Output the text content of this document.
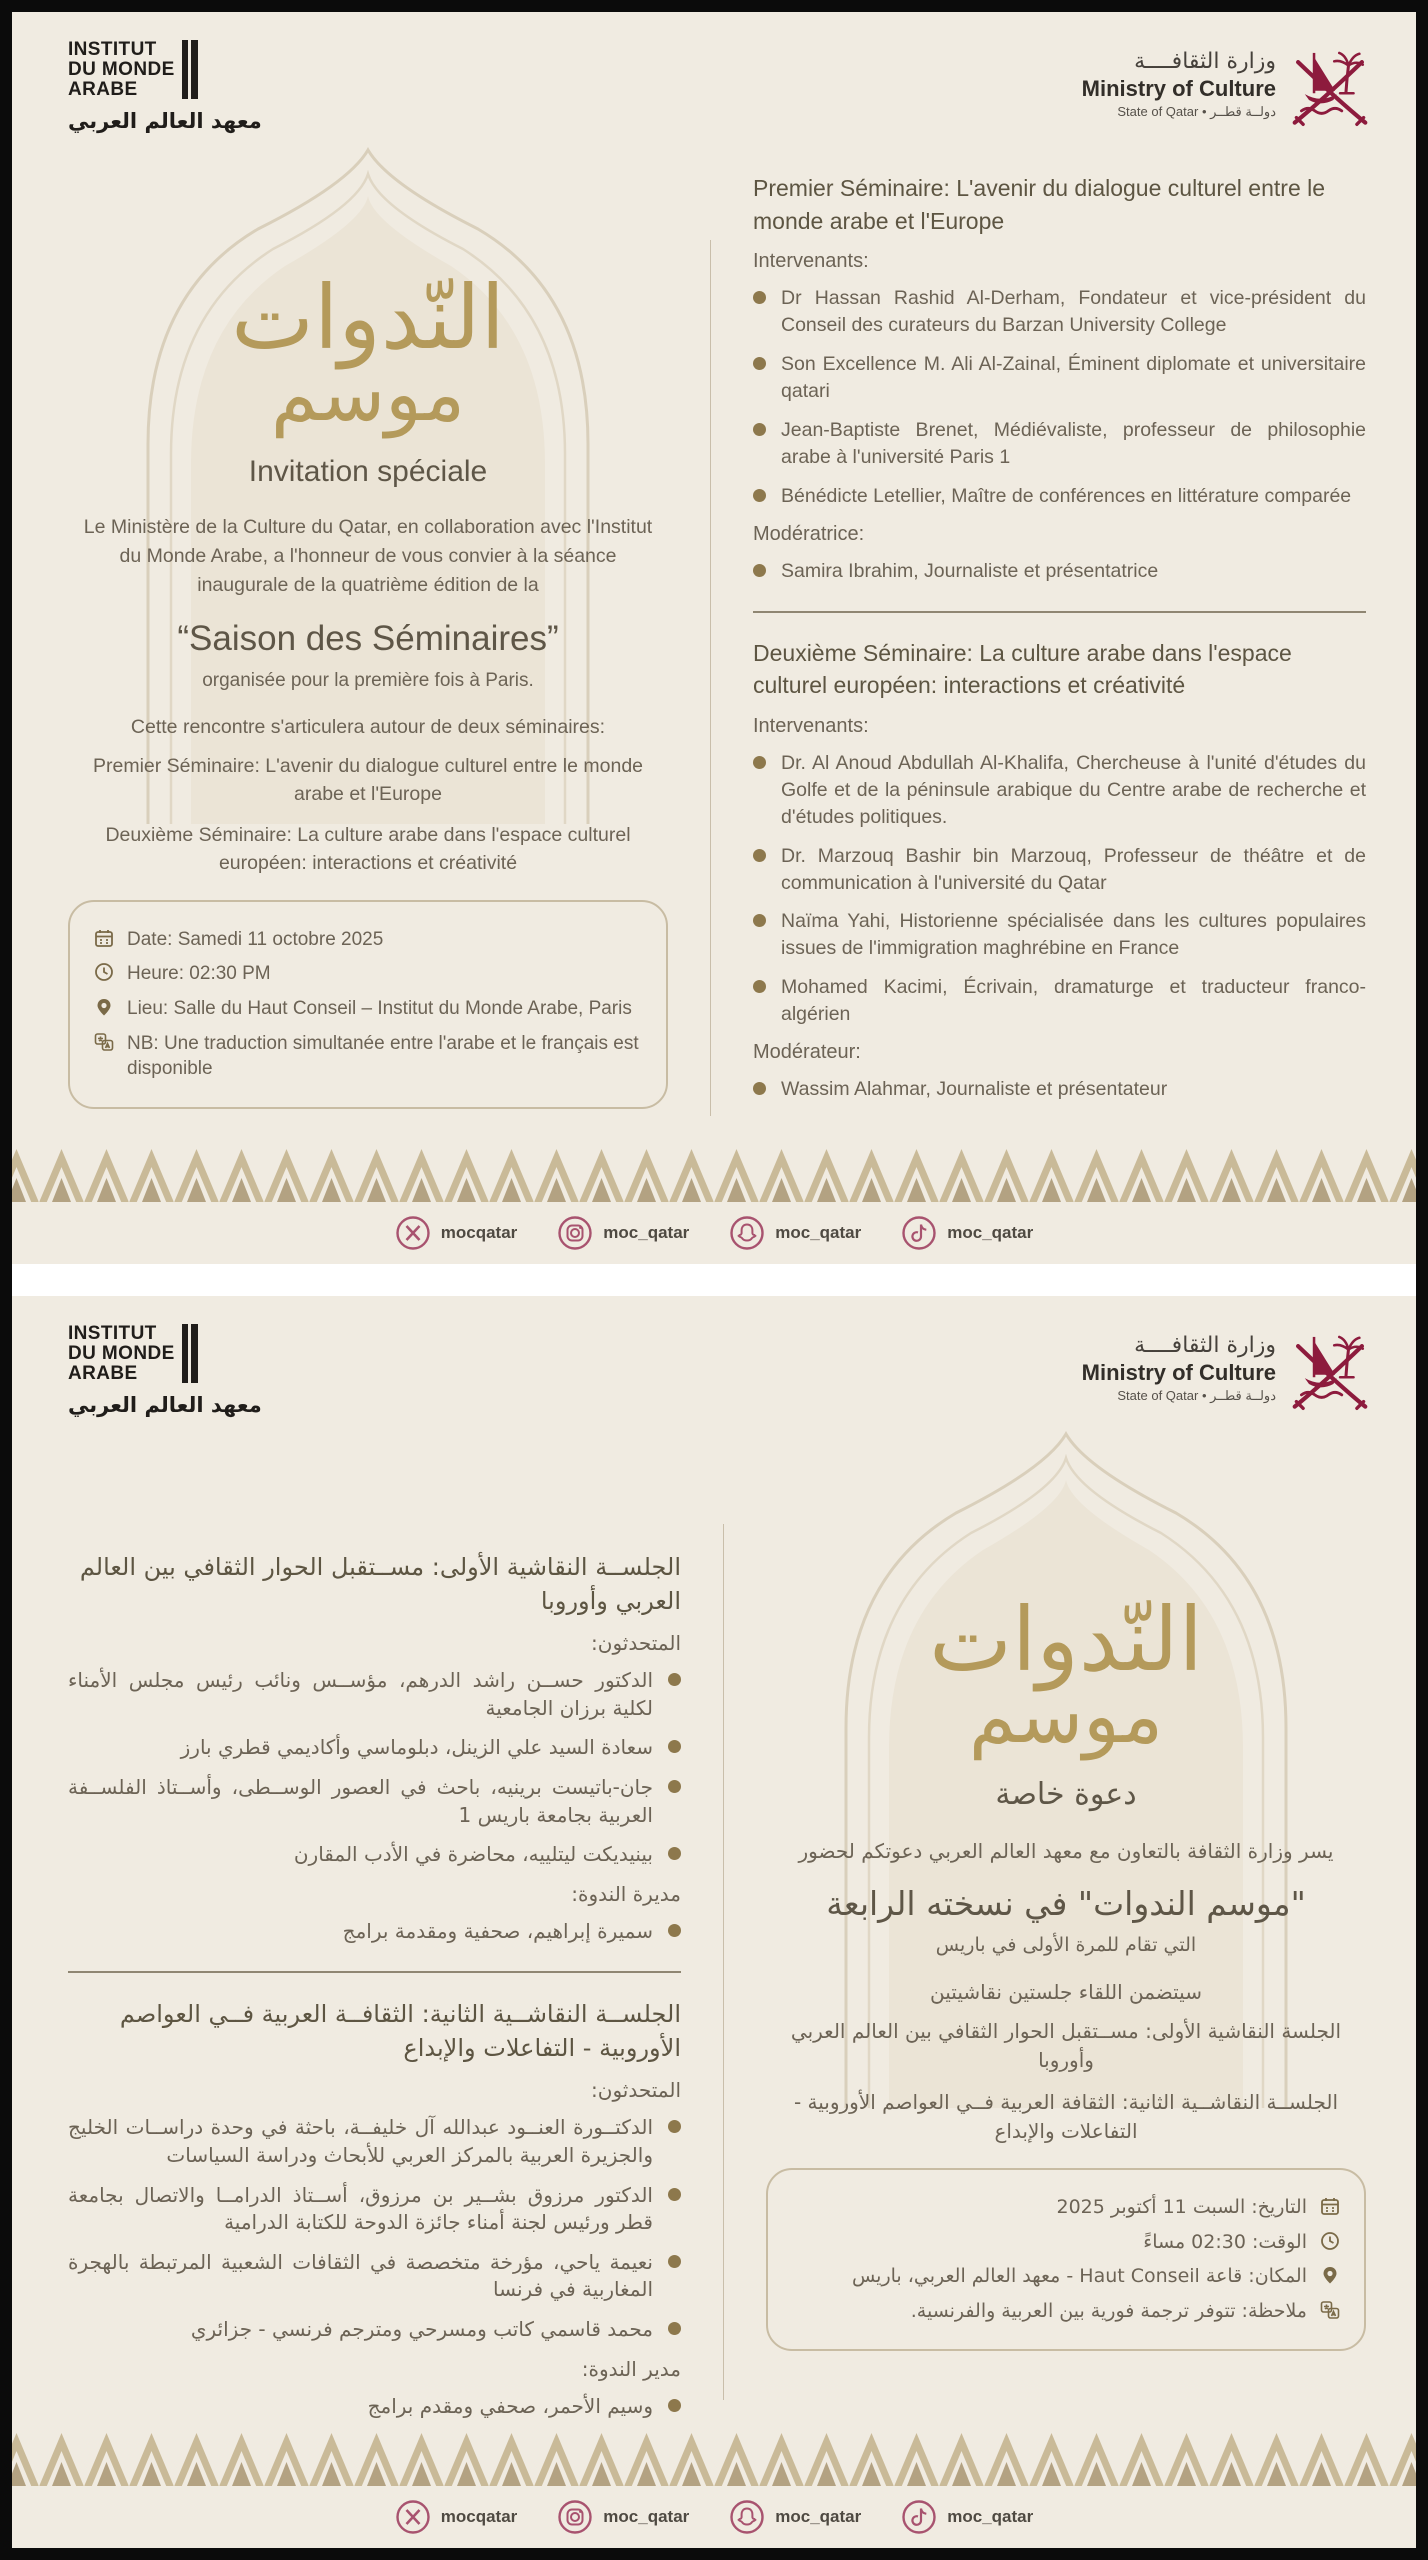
INSTITUT
DU MONDE
ARABE
معهد العالم العربي
وزارة الثقافــــة
Ministry of Culture
دولــة قطــر • State of Qatar
النّدوات
موسم
Invitation spéciale

Le Ministère de la Culture du Qatar, en collaboration avec l'Institut du Monde Arabe, a l'honneur de vous convier à la séance inaugurale de la quatrième édition de la

“Saison des Séminaires”
organisée pour la première fois à Paris.
Cette rencontre s'articulera autour de deux séminaires:
Premier Séminaire: L'avenir du dialogue culturel entre le monde arabe et l'Europe
Deuxième Séminaire: La culture arabe dans l'espace culturel européen: interactions et créativité
Date: Samedi 11 octobre 2025
Heure: 02:30 PM
Lieu: Salle du Haut Conseil – Institut du Monde Arabe, Paris
NB: Une traduction simultanée entre l'arabe et le français est disponible
Premier Séminaire: L'avenir du dialogue culturel entre le monde arabe et l'Europe
Intervenants:
Dr Hassan Rashid Al-Derham, Fondateur et vice-président du Conseil des curateurs du Barzan University College
Son Excellence M. Ali Al-Zainal, Éminent diplomate et universitaire qatari
Jean-Baptiste Brenet, Médiévaliste, professeur de philosophie arabe à l'université Paris 1
Bénédicte Letellier, Maître de conférences en littérature comparée
Modératrice:
Samira Ibrahim, Journaliste et présentatrice
Deuxième Séminaire: La culture arabe dans l'espace culturel européen: interactions et créativité
Intervenants:
Dr. Al Anoud Abdullah Al-Khalifa, Chercheuse à l'unité d'études du Golfe et de la péninsule arabique du Centre arabe de recherche et d'études politiques.
Dr. Marzouq Bashir bin Marzouq, Professeur de théâtre et de communication à l'université du Qatar
Naïma Yahi, Historienne spécialisée dans les cultures populaires issues de l'immigration maghrébine en France
Mohamed Kacimi, Écrivain, dramaturge et traducteur franco-algérien
Modérateur:
Wassim Alahmar, Journaliste et présentateur
mocqatar	moc_qatar	moc_qatar	moc_qatar
INSTITUT
DU MONDE
ARABE
معهد العالم العربي
وزارة الثقافــــة
Ministry of Culture
دولــة قطــر • State of Qatar
الجلســة النقاشية الأولى: مســتقبل الحوار الثقافي بين العالم العربي وأوروبا
المتحدثون:
الدكتور حســن راشد الدرهم، مؤســس ونائب رئيس مجلس الأمناء لكلية برزان الجامعية
سعادة السيد علي الزينل، دبلوماسي وأكاديمي قطري بارز
جان-باتيست برينيه، باحث في العصور الوســطى، وأســتاذ الفلســفة العربية بجامعة باريس 1
بينيديكت ليتلييه، محاضرة في الأدب المقارن
مديرة الندوة:
سميرة إبراهيم، صحفية ومقدمة برامج
الجلســة النقاشــية الثانية: الثقافــة العربية فــي العواصم الأوروبية - التفاعلات والإبداع
المتحدثون:
الدكتــورة العنــود عبدالله آل خليفــة، باحثة في وحدة دراســات الخليج والجزيرة العربية بالمركز العربي للأبحاث ودراسة السياسات
الدكتور مرزوق بشــير بن مرزوق، أســتاذ الدرامــا والاتصال بجامعة قطر ورئيس لجنة أمناء جائزة الدوحة للكتابة الدرامية
نعيمة ياحي، مؤرخة متخصصة في الثقافات الشعبية المرتبطة بالهجرة المغاربية في فرنسا
محمد قاسمي كاتب ومسرحي ومترجم فرنسي - جزائري
مدير الندوة:
وسيم الأحمر، صحفي ومقدم برامج
النّدوات
موسم
دعوة خاصة

يسر وزارة الثقافة بالتعاون مع معهد العالم العربي دعوتكم لحضور

"موسم الندوات" في نسخته الرابعة
التي تقام للمرة الأولى في باريس
سيتضمن اللقاء جلستين نقاشيتين
الجلسة النقاشية الأولى: مســتقبل الحوار الثقافي بين العالم العربي وأوروبا
الجلســة النقاشــية الثانية: الثقافة العربية فــي العواصم الأوروبية - التفاعلات والإبداع
التاريخ: السبت 11 أكتوبر 2025
الوقت: 02:30 مساءً
المكان: قاعة Haut Conseil - معهد العالم العربي، باريس
ملاحظة: تتوفر ترجمة فورية بين العربية والفرنسية.
mocqatar	moc_qatar	moc_qatar	moc_qatar
